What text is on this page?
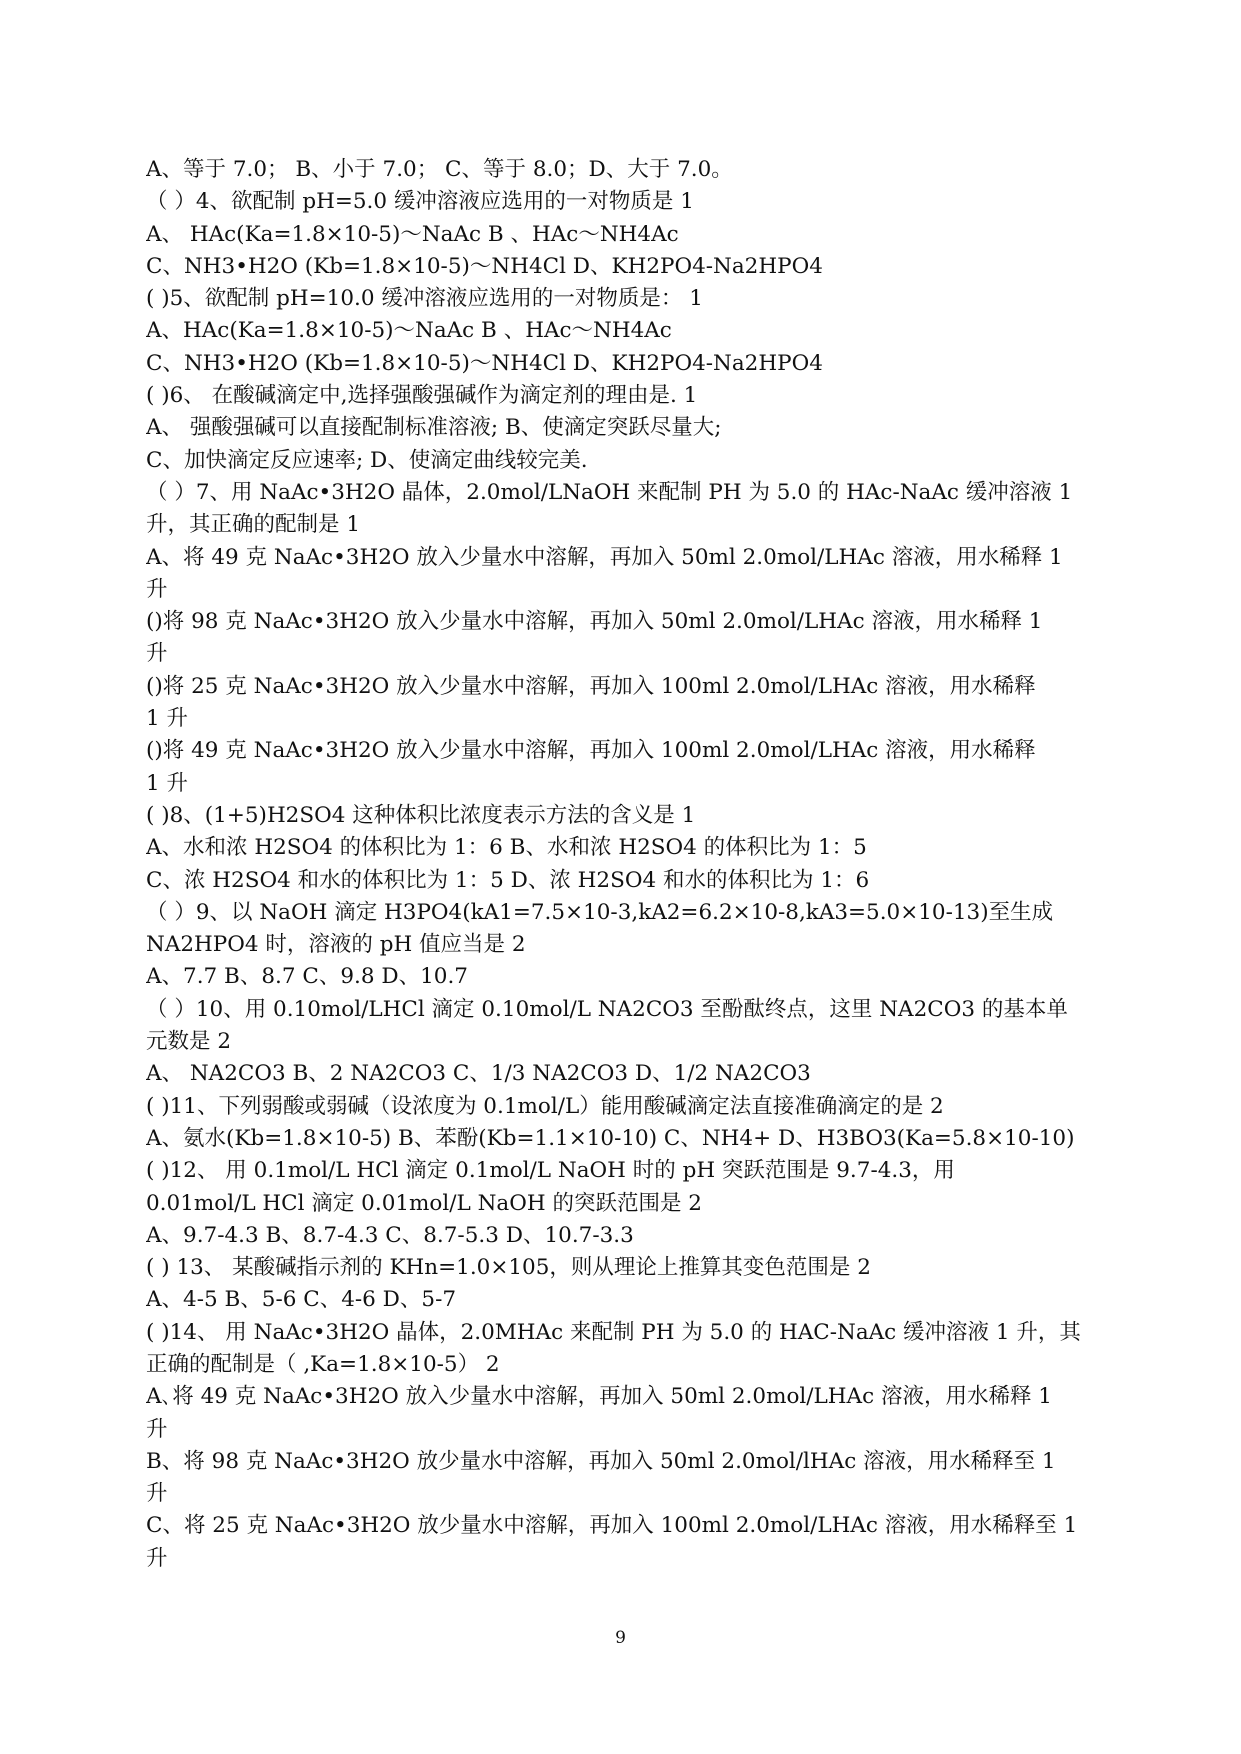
A、等于 7.0； B、小于 7.0； C、等于 8.0；D、大于 7.0。
（ ）4、欲配制 pH=5.0 缓冲溶液应选用的一对物质是 1
A、 HAc(Ka=1.8×10-5)～NaAc B 、HAc～NH4Ac
C、NH3•H2O (Kb=1.8×10-5)～NH4Cl D、KH2PO4-Na2HPO4
( )5、欲配制 pH=10.0 缓冲溶液应选用的一对物质是： 1
A、HAc(Ka=1.8×10-5)～NaAc B 、HAc～NH4Ac
C、NH3•H2O (Kb=1.8×10-5)～NH4Cl D、KH2PO4-Na2HPO4
( )6、 在酸碱滴定中,选择强酸强碱作为滴定剂的理由是. 1
A、 强酸强碱可以直接配制标准溶液; B、使滴定突跃尽量大;
C、加快滴定反应速率; D、使滴定曲线较完美.
（ ）7、用 NaAc•3H2O 晶体，2.0mol/LNaOH 来配制 PH 为 5.0 的 HAc-NaAc 缓冲溶液 1
升，其正确的配制是 1
A、将 49 克 NaAc•3H2O 放入少量水中溶解，再加入 50ml 2.0mol/LHAc 溶液，用水稀释 1
升
()将 98 克 NaAc•3H2O 放入少量水中溶解，再加入 50ml 2.0mol/LHAc 溶液，用水稀释 1
升
()将 25 克 NaAc•3H2O 放入少量水中溶解，再加入 100ml 2.0mol/LHAc 溶液，用水稀释
1 升
()将 49 克 NaAc•3H2O 放入少量水中溶解，再加入 100ml 2.0mol/LHAc 溶液，用水稀释
1 升
( )8、(1+5)H2SO4 这种体积比浓度表示方法的含义是 1
A、水和浓 H2SO4 的体积比为 1：6 B、水和浓 H2SO4 的体积比为 1：5
C、浓 H2SO4 和水的体积比为 1：5 D、浓 H2SO4 和水的体积比为 1：6
（ ）9、以 NaOH 滴定 H3PO4(kA1=7.5×10-3,kA2=6.2×10-8,kA3=5.0×10-13)至生成
NA2HPO4 时，溶液的 pH 值应当是 2
A、7.7 B、8.7 C、9.8 D、10.7
（ ）10、用 0.10mol/LHCl 滴定 0.10mol/L NA2CO3 至酚酞终点，这里 NA2CO3 的基本单
元数是 2
A、 NA2CO3 B、2 NA2CO3 C、1/3 NA2CO3 D、1/2 NA2CO3
( )11、下列弱酸或弱碱（设浓度为 0.1mol/L）能用酸碱滴定法直接准确滴定的是 2
A、氨水(Kb=1.8×10-5) B、苯酚(Kb=1.1×10-10) C、NH4+ D、H3BO3(Ka=5.8×10-10)
( )12、 用 0.1mol/L HCl 滴定 0.1mol/L NaOH 时的 pH 突跃范围是 9.7-4.3，用
0.01mol/L HCl 滴定 0.01mol/L NaOH 的突跃范围是 2
A、9.7-4.3 B、8.7-4.3 C、8.7-5.3 D、10.7-3.3
( ) 13、 某酸碱指示剂的 KHn=1.0×105，则从理论上推算其变色范围是 2
A、4-5 B、5-6 C、4-6 D、5-7
( )14、 用 NaAc•3H2O 晶体，2.0MHAc 来配制 PH 为 5.0 的 HAC-NaAc 缓冲溶液 1 升，其
正确的配制是（ ,Ka=1.8×10-5） 2
A､将 49 克 NaAc•3H2O 放入少量水中溶解，再加入 50ml 2.0mol/LHAc 溶液，用水稀释 1
升
B、将 98 克 NaAc•3H2O 放少量水中溶解，再加入 50ml 2.0mol/lHAc 溶液，用水稀释至 1
升
C、将 25 克 NaAc•3H2O 放少量水中溶解，再加入 100ml 2.0mol/LHAc 溶液，用水稀释至 1
升
9
